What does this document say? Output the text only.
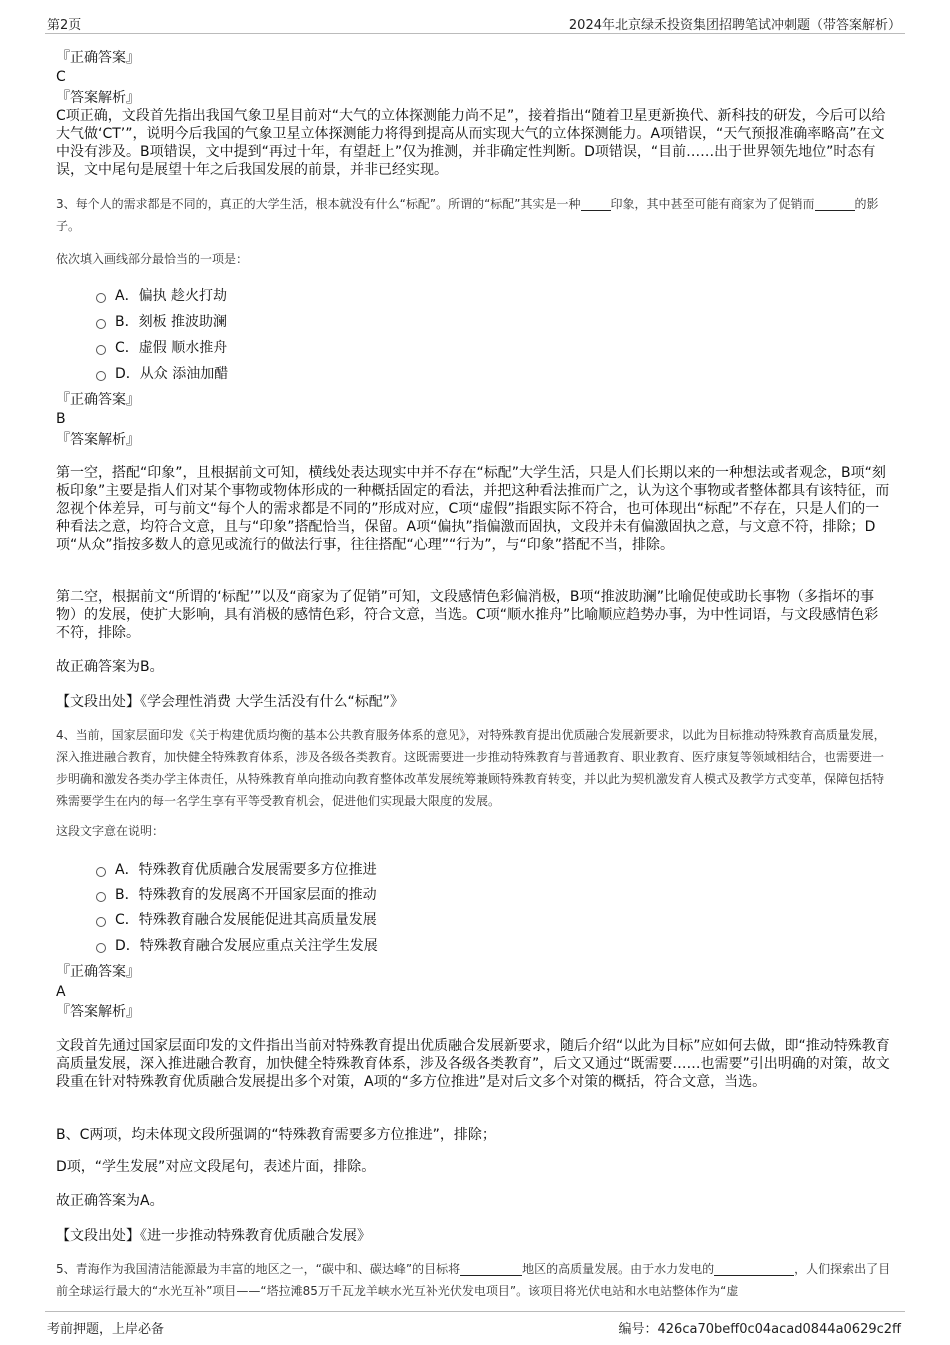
第2页	2024年北京绿禾投资集团招聘笔试冲刺题（带答案解析）
『正确答案』
C
『答案解析』
C项正确，文段首先指出我国气象卫星目前对“大气的立体探测能力尚不足”，接着指出“随着卫星更新换代、新科技的研发，今后可以给大气做‘CT’”，说明今后我国的气象卫星立体探测能力将得到提高从而实现大气的立体探测能力。A项错误，“天气预报准确率略高”在文中没有涉及。B项错误，文中提到“再过十年，有望赶上”仅为推测，并非确定性判断。D项错误，“目前……出于世界领先地位”时态有误，文中尾句是展望十年之后我国发展的前景，并非已经实现。
3、每个人的需求都是不同的，真正的大学生活，根本就没有什么“标配”。所谓的“标配”其实是一种	印象，其中甚至可能有商家为了促销而	的影子。
依次填入画线部分最恰当的一项是：
A．偏执 趁火打劫
B．刻板 推波助澜
C．虚假 顺水推舟
D．从众 添油加醋
『正确答案』
B
『答案解析』
第一空，搭配“印象”，且根据前文可知，横线处表达现实中并不存在“标配”大学生活，只是人们长期以来的一种想法或者观念，B项“刻板印象”主要是指人们对某个事物或物体形成的一种概括固定的看法，并把这种看法推而广之，认为这个事物或者整体都具有该特征，而忽视个体差异，可与前文“每个人的需求都是不同的”形成对应，C项“虚假”指跟实际不符合，也可体现出“标配”不存在，只是人们的一种看法之意，均符合文意，且与“印象”搭配恰当，保留。A项“偏执”指偏激而固执，文段并未有偏激固执之意，与文意不符，排除；D项“从众”指按多数人的意见或流行的做法行事，往往搭配“心理”“行为”，与“印象”搭配不当，排除。
第二空，根据前文“所谓的‘标配’”以及“商家为了促销”可知，文段感情色彩偏消极，B项“推波助澜”比喻促使或助长事物（多指坏的事物）的发展，使扩大影响，具有消极的感情色彩，符合文意，当选。C项“顺水推舟”比喻顺应趋势办事，为中性词语，与文段感情色彩不符，排除。
故正确答案为B。
【文段出处】《学会理性消费 大学生活没有什么“标配”》
4、当前，国家层面印发《关于构建优质均衡的基本公共教育服务体系的意见》，对特殊教育提出优质融合发展新要求，以此为目标推动特殊教育高质量发展，深入推进融合教育，加快健全特殊教育体系，涉及各级各类教育。这既需要进一步推动特殊教育与普通教育、职业教育、医疗康复等领域相结合，也需要进一步明确和激发各类办学主体责任，从特殊教育单向推动向教育整体改革发展统筹兼顾特殊教育转变，并以此为契机激发育人模式及教学方式变革，保障包括特殊需要学生在内的每一名学生享有平等受教育机会，促进他们实现最大限度的发展。
这段文字意在说明：
A．特殊教育优质融合发展需要多方位推进
B．特殊教育的发展离不开国家层面的推动
C．特殊教育融合发展能促进其高质量发展
D．特殊教育融合发展应重点关注学生发展
『正确答案』
A
『答案解析』
文段首先通过国家层面印发的文件指出当前对特殊教育提出优质融合发展新要求，随后介绍“以此为目标”应如何去做，即“推动特殊教育高质量发展，深入推进融合教育，加快健全特殊教育体系，涉及各级各类教育”，后文又通过“既需要……也需要”引出明确的对策，故文段重在针对特殊教育优质融合发展提出多个对策，A项的“多方位推进”是对后文多个对策的概括，符合文意，当选。
B、C两项，均未体现文段所强调的“特殊教育需要多方位推进”，排除；
D项，“学生发展”对应文段尾句，表述片面，排除。
故正确答案为A。
【文段出处】《进一步推动特殊教育优质融合发展》
5、青海作为我国清洁能源最为丰富的地区之一，“碳中和、碳达峰”的目标将	地区的高质量发展。由于水力发电的	，人们探索出了目前全球运行最大的“水光互补”项目——“塔拉滩85万千瓦龙羊峡水光互补光伏发电项目”。该项目将光伏电站和水电站整体作为“虚
考前押题，上岸必备	编号：426ca70beff0c04acad0844a0629c2ff
